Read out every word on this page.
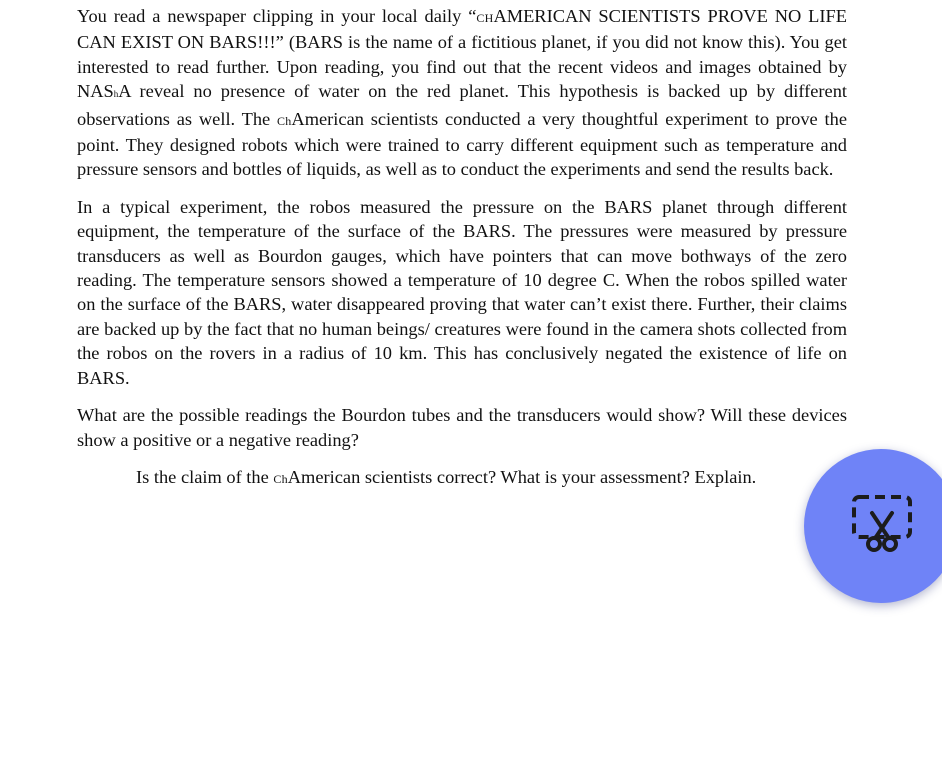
You read a newspaper clipping in your local daily “CHAMERICAN SCIENTISTS PROVE NO LIFE CAN EXIST ON BARS!!!” (BARS is the name of a fictitious planet, if you did not know this). You get interested to read further. Upon reading, you find out that the recent videos and images obtained by NAShA reveal no presence of water on the red planet. This hypothesis is backed up by different observations as well. The ChAmerican scientists conducted a very thoughtful experiment to prove the point. They designed robots which were trained to carry different equipment such as temperature and pressure sensors and bottles of liquids, as well as to conduct the experiments and send the results back.

In a typical experiment, the robos measured the pressure on the BARS planet through different equipment, the temperature of the surface of the BARS. The pressures were measured by pressure transducers as well as Bourdon gauges, which have pointers that can move bothways of the zero reading. The temperature sensors showed a temperature of 10 degree C. When the robos spilled water on the surface of the BARS, water disappeared proving that water can’t exist there. Further, their claims are backed up by the fact that no human beings/ creatures were found in the camera shots collected from the robos on the rovers in a radius of 10 km. This has conclusively negated the existence of life on BARS.

What are the possible readings the Bourdon tubes and the transducers would show? Will these devices show a positive or a negative reading?

Is the claim of the ChAmerican scientists correct? What is your assessment? Explain.
